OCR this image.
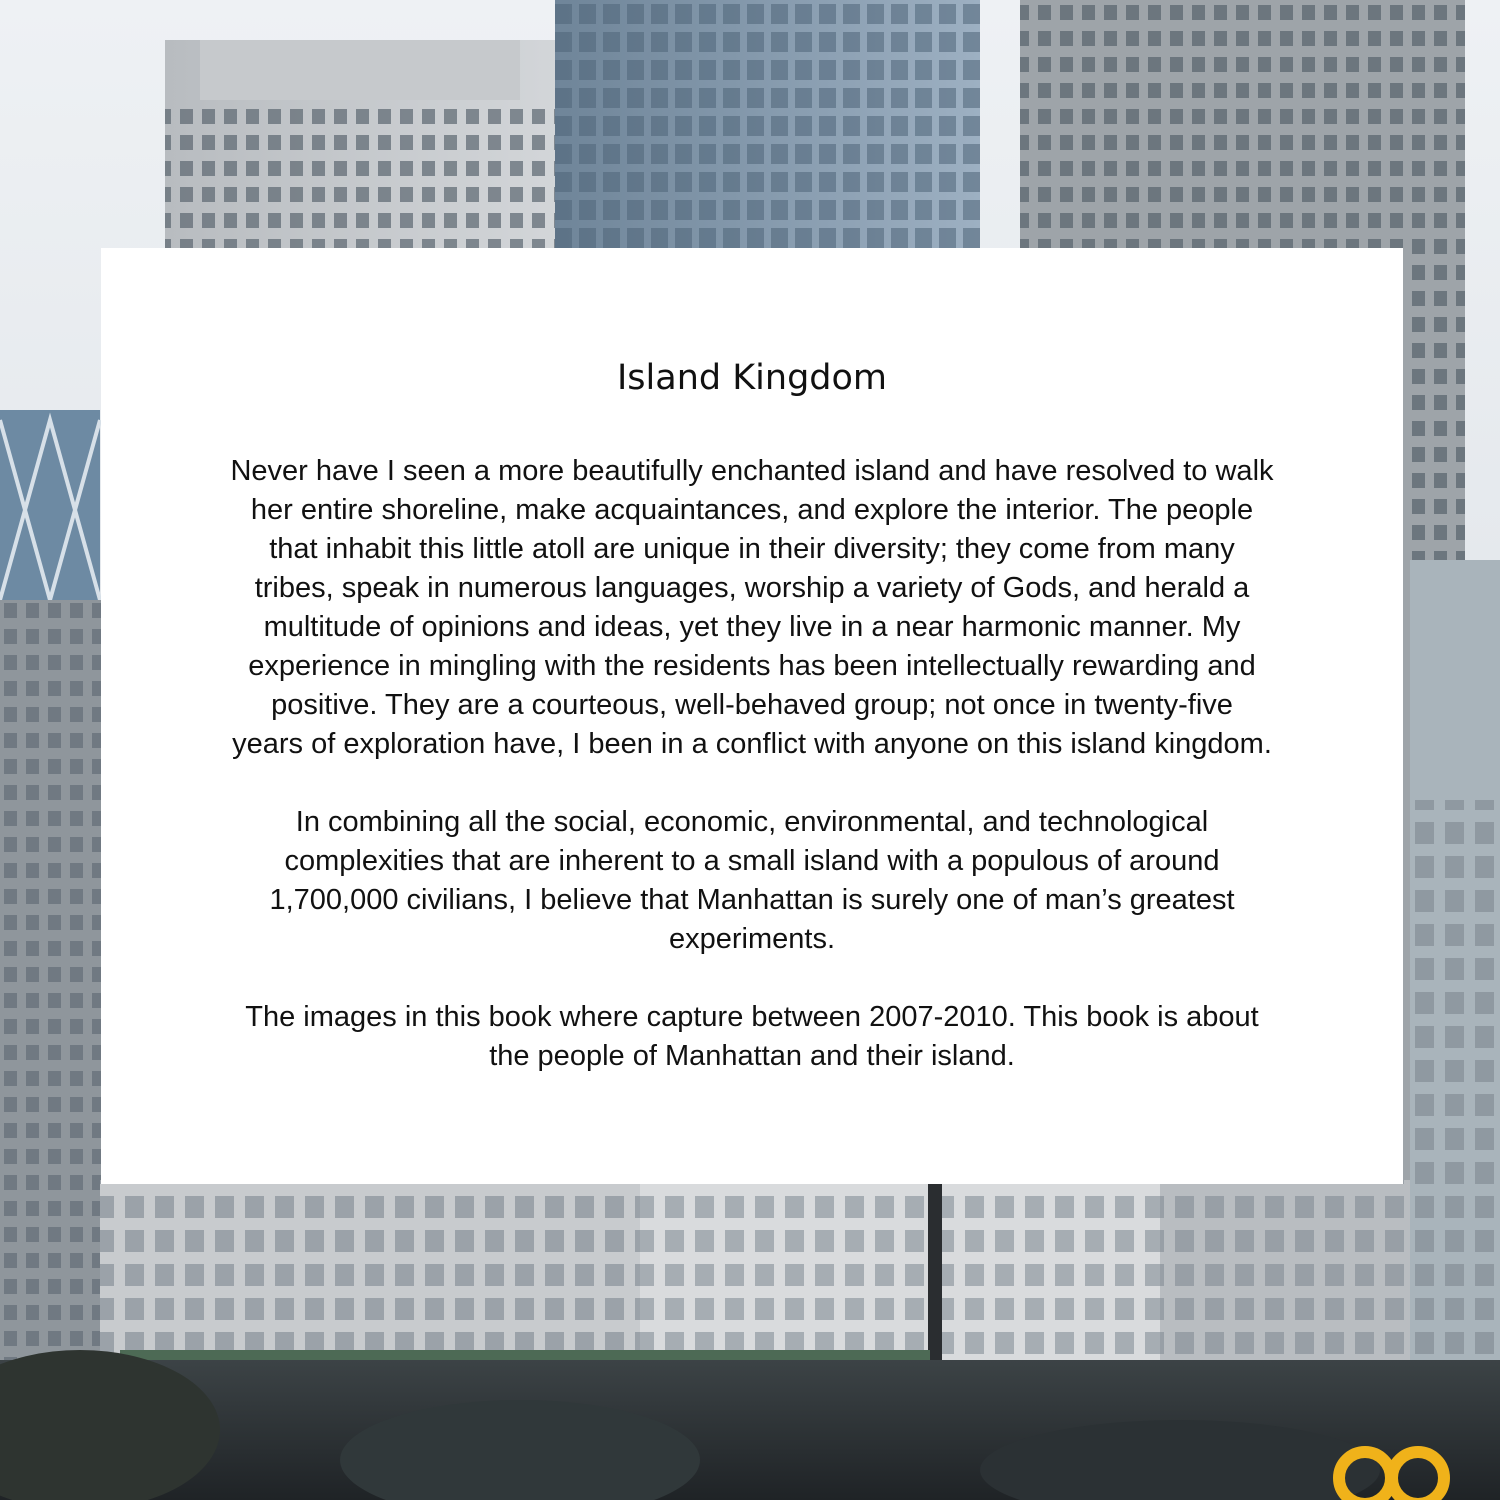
Island Kingdom

Never have I seen a more beautifully enchanted island and have resolved to walk
her entire shoreline, make acquaintances, and explore the interior. The people
that inhabit this little atoll are unique in their diversity; they come from many
tribes, speak in numerous languages, worship a variety of Gods, and herald a
multitude of opinions and ideas, yet they live in a near harmonic manner. My
experience in mingling with the residents has been intellectually rewarding and
positive. They are a courteous, well-behaved group; not once in twenty-five
years of exploration have, I been in a conflict with anyone on this island kingdom.

In combining all the social, economic, environmental, and technological
complexities that are inherent to a small island with a populous of around
1,700,000 civilians, I believe that Manhattan is surely one of man’s greatest
experiments.

The images in this book where capture between 2007-2010. This book is about
the people of Manhattan and their island.
